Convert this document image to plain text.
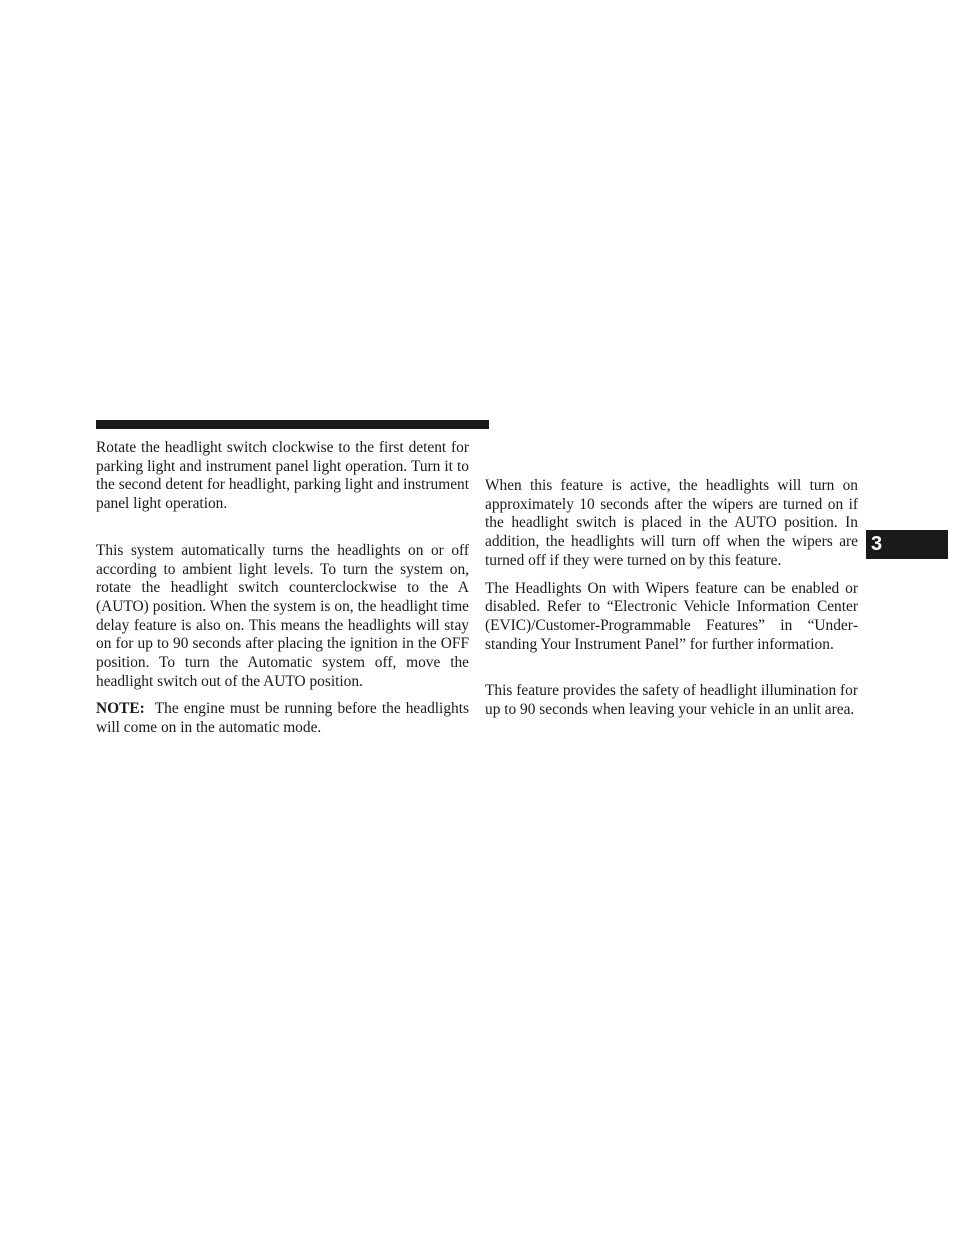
Rotate the headlight switch clockwise to the first detent for parking light and instrument panel light operation. Turn it to the second detent for headlight, parking light and instrument panel light operation.

This system automatically turns the headlights on or off according to ambient light levels. To turn the system on, rotate the headlight switch counterclockwise to the A (AUTO) position. When the system is on, the headlight time delay feature is also on. This means the headlights will stay on for up to 90 seconds after placing the ignition in the OFF position. To turn the Automatic system off, move the headlight switch out of the AUTO position.

NOTE: The engine must be running before the headlights will come on in the automatic mode.

When this feature is active, the headlights will turn on approximately 10 seconds after the wipers are turned on if the headlight switch is placed in the AUTO position. In addition, the headlights will turn off when the wipers are turned off if they were turned on by this feature.

The Headlights On with Wipers feature can be enabled or disabled. Refer to “Electronic Vehicle Information Center (EVIC)/Customer-Programmable Features” in “Understanding Your Instrument Panel” for further information.

This feature provides the safety of headlight illumination for up to 90 seconds when leaving your vehicle in an unlit area.

3
